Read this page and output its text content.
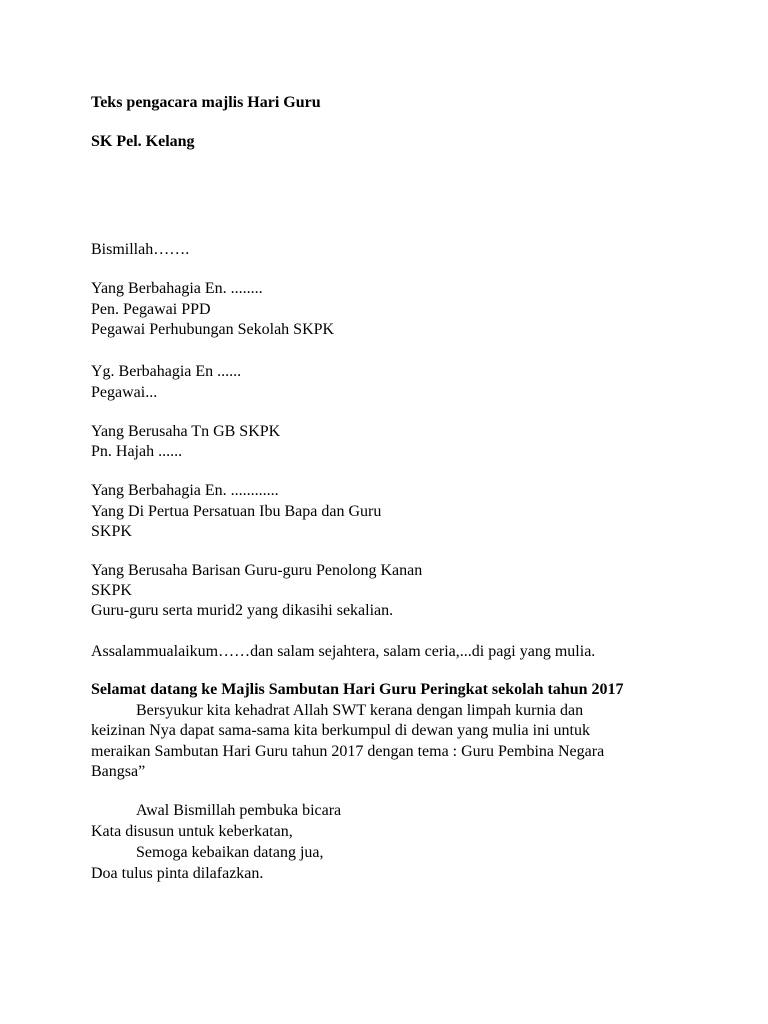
Teks pengacara majlis Hari Guru
SK Pel. Kelang
Bismillah…….
Yang Berbahagia En. ........
Pen. Pegawai PPD
Pegawai Perhubungan Sekolah SKPK
Yg. Berbahagia En ......
Pegawai...
Yang Berusaha Tn GB SKPK
Pn. Hajah ......
Yang Berbahagia En. ............
Yang Di Pertua Persatuan Ibu Bapa dan Guru
SKPK
Yang Berusaha Barisan Guru-guru Penolong Kanan
SKPK
Guru-guru serta murid2 yang dikasihi sekalian.
Assalammualaikum……dan salam sejahtera, salam ceria,...di pagi yang mulia.
Selamat datang ke Majlis Sambutan Hari Guru Peringkat sekolah tahun 2017
Bersyukur kita kehadrat Allah SWT kerana dengan limpah kurnia dan
keizinan Nya dapat sama-sama kita berkumpul di dewan yang mulia ini untuk
meraikan Sambutan Hari Guru tahun 2017 dengan tema : Guru Pembina Negara
Bangsa”
Awal Bismillah pembuka bicara
Kata disusun untuk keberkatan,
Semoga kebaikan datang jua,
Doa tulus pinta dilafazkan.
